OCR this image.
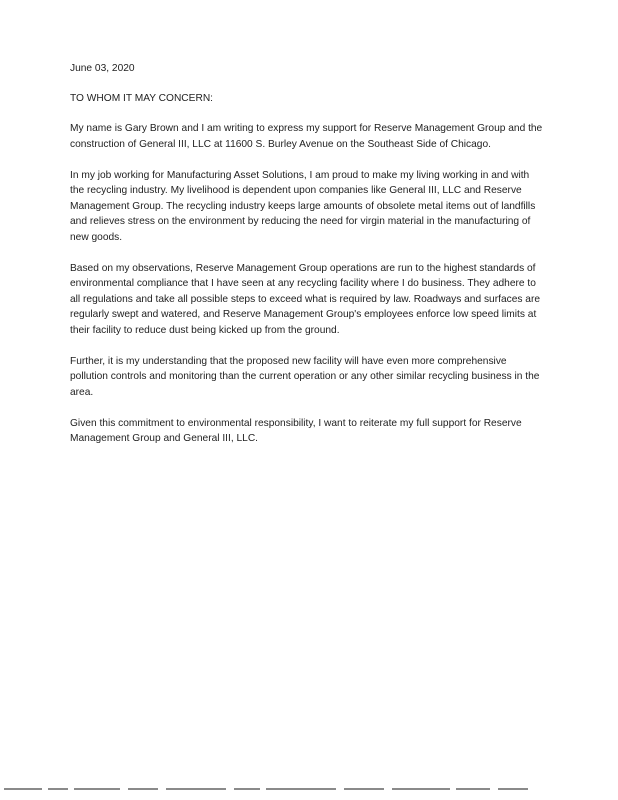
June 03, 2020

TO WHOM IT MAY CONCERN:

My name is Gary Brown and I am writing to express my support for Reserve Management Group and the construction of General III, LLC at 11600 S. Burley Avenue on the Southeast Side of Chicago.

In my job working for Manufacturing Asset Solutions, I am proud to make my living working in and with the recycling industry. My livelihood is dependent upon companies like General III, LLC and Reserve Management Group. The recycling industry keeps large amounts of obsolete metal items out of landfills and relieves stress on the environment by reducing the need for virgin material in the manufacturing of new goods.

Based on my observations, Reserve Management Group operations are run to the highest standards of environmental compliance that I have seen at any recycling facility where I do business. They adhere to all regulations and take all possible steps to exceed what is required by law. Roadways and surfaces are regularly swept and watered, and Reserve Management Group's employees enforce low speed limits at their facility to reduce dust being kicked up from the ground.

Further, it is my understanding that the proposed new facility will have even more comprehensive pollution controls and monitoring than the current operation or any other similar recycling business in the area.

Given this commitment to environmental responsibility, I want to reiterate my full support for Reserve Management Group and General III, LLC.
